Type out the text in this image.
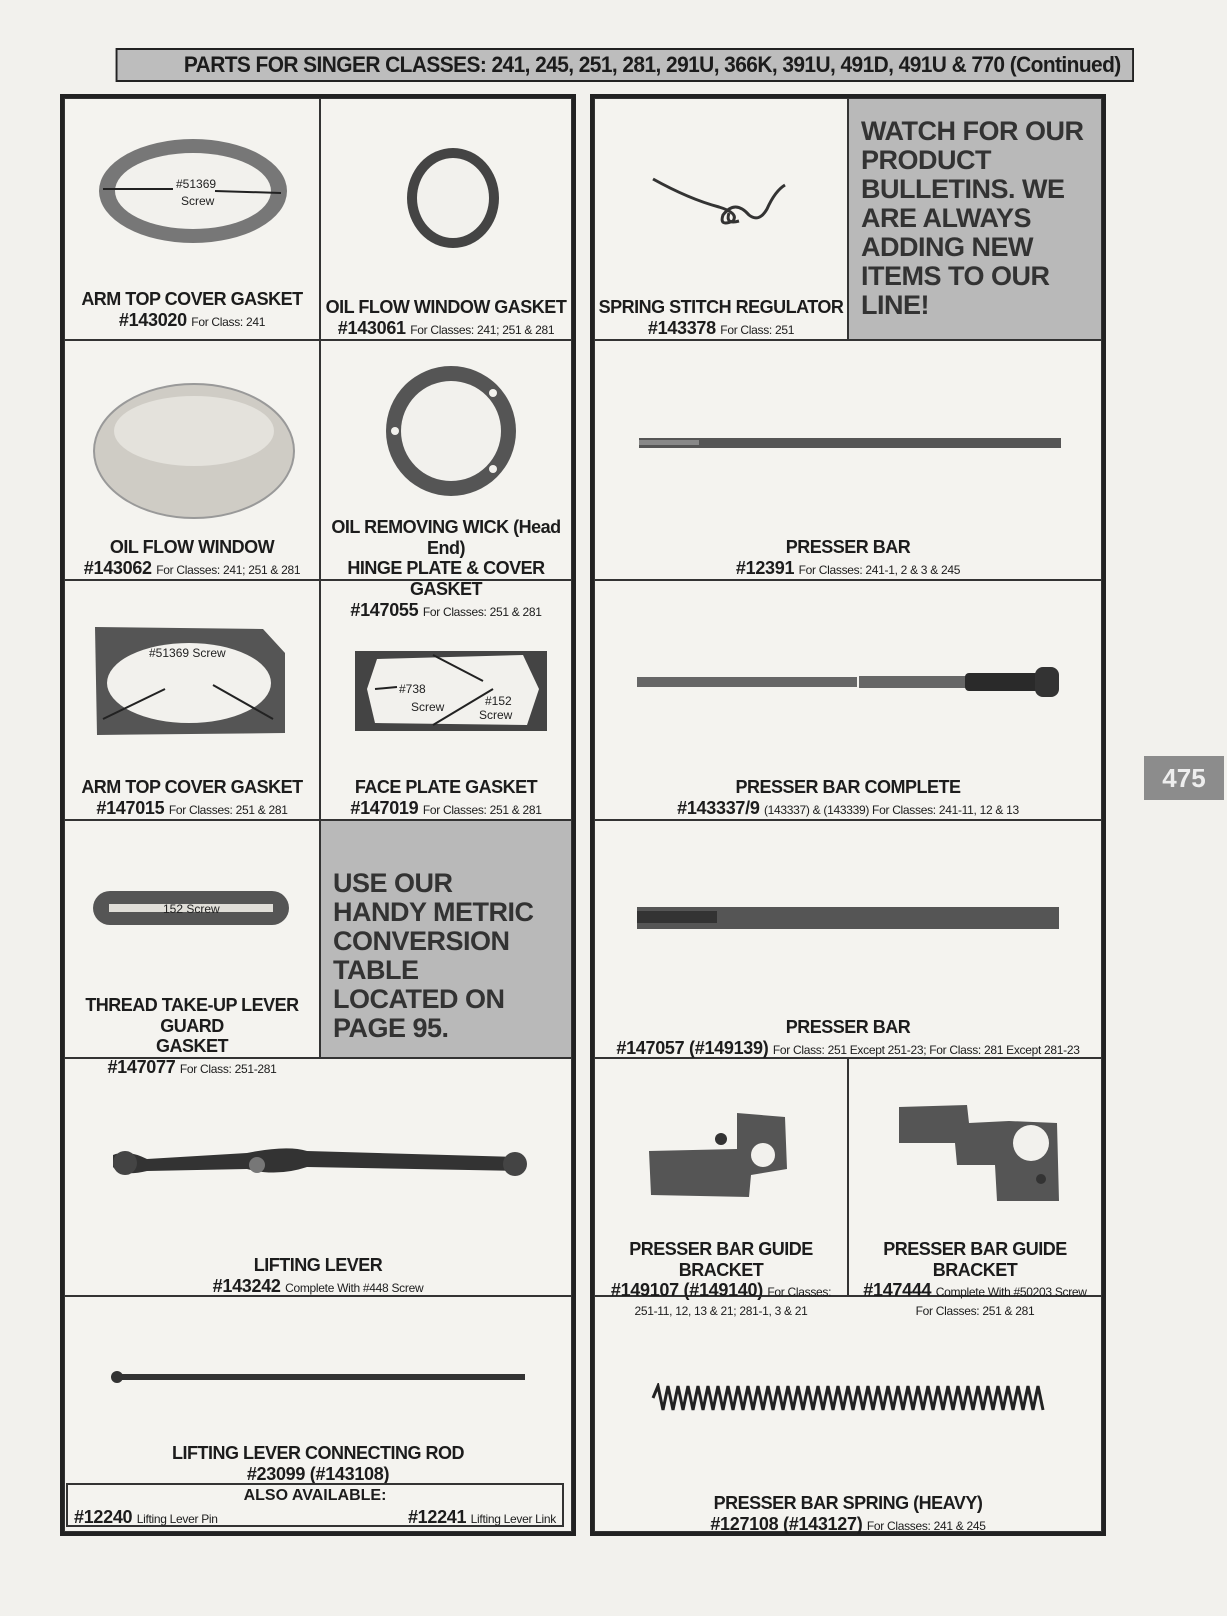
PARTS FOR SINGER CLASSES: 241, 245, 251, 281, 291U, 366K, 391U, 491D, 491U & 770 (Continued)
#51369
Screw
ARM TOP COVER GASKET
#143020 For Class: 241
OIL FLOW WINDOW GASKET
#143061 For Classes: 241; 251 & 281
OIL FLOW WINDOW
#143062 For Classes: 241; 251 & 281
OIL REMOVING WICK (Head End)
HINGE PLATE & COVER GASKET
#147055 For Classes: 251 & 281
#51369 Screw
ARM TOP COVER GASKET
#147015 For Classes: 251 & 281
#738
Screw	#152
Screw
FACE PLATE GASKET
#147019 For Classes: 251 & 281
152 Screw
THREAD TAKE-UP LEVER GUARD
GASKET
#147077 For Class: 251-281
USE OUR HANDY METRIC CONVERSION TABLE LOCATED ON PAGE 95.
LIFTING LEVER
#143242 Complete With #448 Screw
LIFTING LEVER CONNECTING ROD
#23099 (#143108)
ALSO AVAILABLE:
#12240 Lifting Lever Pin	#12241 Lifting Lever Link
SPRING STITCH REGULATOR
#143378 For Class: 251
WATCH FOR OUR PRODUCT BULLETINS. WE ARE ALWAYS ADDING NEW ITEMS TO OUR LINE!
PRESSER BAR
#12391 For Classes: 241-1, 2 & 3 & 245
PRESSER BAR COMPLETE
#143337/9 (143337) & (143339) For Classes: 241-11, 12 & 13
PRESSER BAR
#147057 (#149139) For Class: 251 Except 251-23; For Class: 281 Except 281-23
PRESSER BAR GUIDE BRACKET
#149107 (#149140) For Classes:
251-11, 12, 13 & 21; 281-1, 3 & 21
PRESSER BAR GUIDE BRACKET
#147444 Complete With #50203 Screw
For Classes: 251 & 281
PRESSER BAR SPRING (HEAVY)
#127108 (#143127) For Classes: 241 & 245
475
